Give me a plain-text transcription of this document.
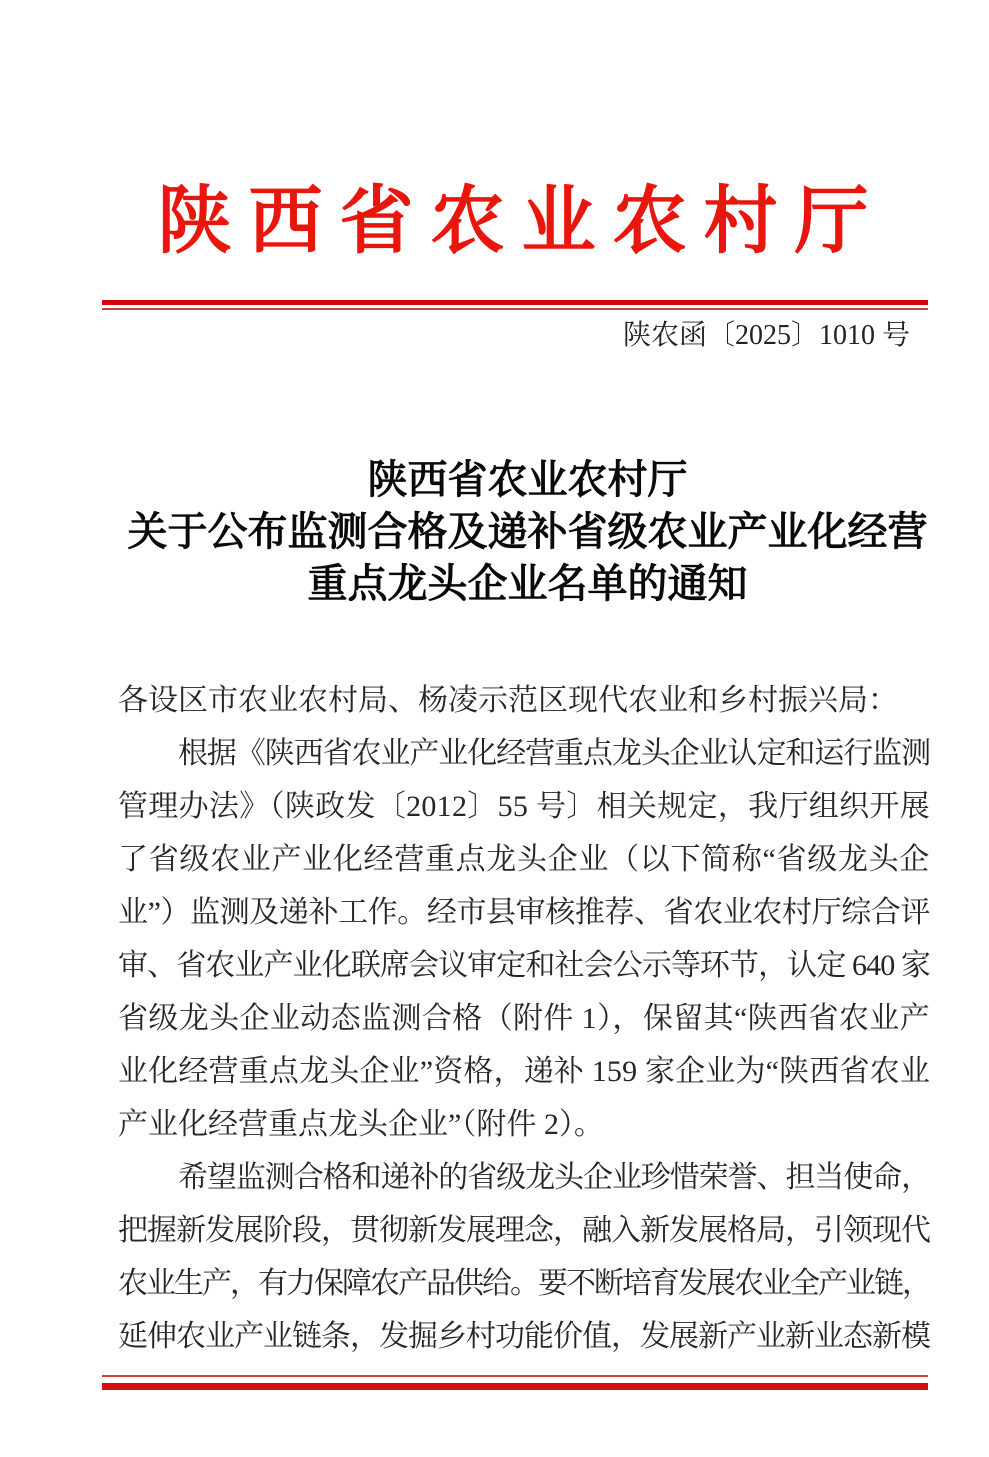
陕西省农业农村厅
陕农函〔2025〕1010 号
陕西省农业农村厅
关于公布监测合格及递补省级农业产业化经营
重点龙头企业名单的通知
各设区市农业农村局、杨凌示范区现代农业和乡村振兴局：
根据《陕西省农业产业化经营重点龙头企业认定和运行监测
管理办法》（陕政发〔2012〕55 号〕相关规定，我厅组织开展
了省级农业产业化经营重点龙头企业（以下简称“省级龙头企
业”）监测及递补工作。经市县审核推荐、省农业农村厅综合评
审、省农业产业化联席会议审定和社会公示等环节，认定 640 家
省级龙头企业动态监测合格（附件 1），保留其“陕西省农业产
业化经营重点龙头企业”资格，递补 159 家企业为“陕西省农业
产业化经营重点龙头企业”（附件 2）。
希望监测合格和递补的省级龙头企业珍惜荣誉、担当使命，
把握新发展阶段，贯彻新发展理念，融入新发展格局，引领现代
农业生产，有力保障农产品供给。要不断培育发展农业全产业链，
延伸农业产业链条，发掘乡村功能价值，发展新产业新业态新模
